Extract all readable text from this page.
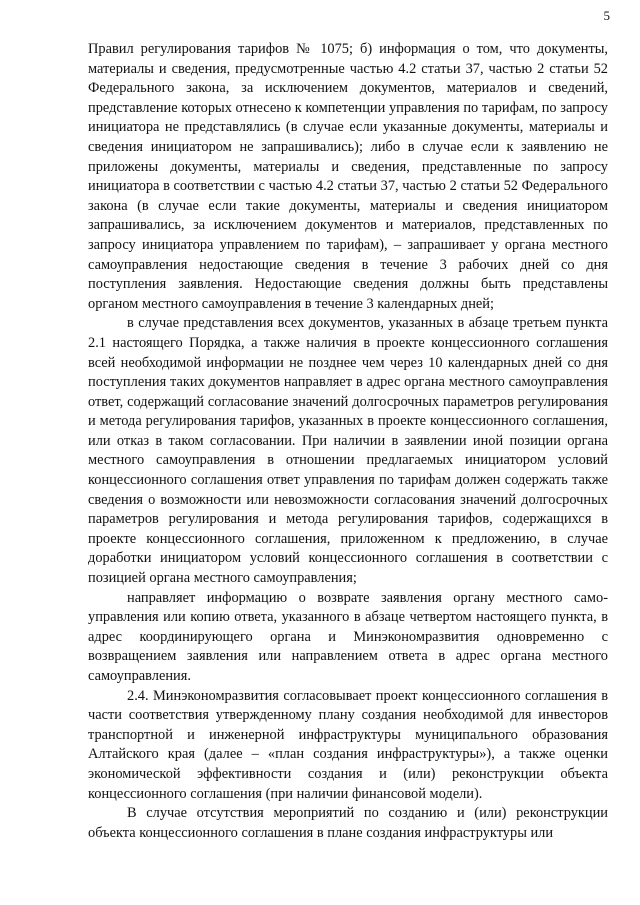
5

Правил регулирования тарифов № 1075; б) информация о том, что документы, материалы и сведения, предусмотренные частью 4.2 статьи 37, частью 2 статьи 52 Федерального закона, за исключением документов, материалов и сведений, представление которых отнесено к компетенции управления по тарифам, по запросу инициатора не представлялись (в случае если указанные документы, материалы и сведения инициатором не запрашивались); либо в случае если к заявлению не приложены документы, материалы и сведения, представленные по запросу инициатора в соответствии с частью 4.2 статьи 37, частью 2 статьи 52 Федерального закона (в случае если такие документы, материалы и сведения инициатором запрашивались, за исключением документов и материалов, представленных по запросу инициатора управлением по тарифам), – запрашивает у органа местного самоуправления недостающие сведения в течение 3 рабочих дней со дня поступления заявления. Недостающие сведения должны быть представлены органом местного самоуправления в течение 3 календарных дней;

в случае представления всех документов, указанных в абзаце третьем пункта 2.1 настоящего Порядка, а также наличия в проекте концессионного соглашения всей необходимой информации не позднее чем через 10 календарных дней со дня поступления таких документов направляет в адрес органа местного самоуправления ответ, содержащий согласование значений долгосрочных параметров регулирования и метода регулирования тарифов, указанных в проекте концессионного соглашения, или отказ в таком согласовании. При наличии в заявлении иной позиции органа местного самоуправления в отношении предлагаемых инициатором условий концессионного соглашения ответ управления по тарифам должен содержать также сведения о возможности или невозможности согласования значений долгосрочных параметров регулирования и метода регулирования тарифов, содержащихся в проекте концессионного соглашения, приложенном к предложению, в случае доработки инициатором условий концессионного соглашения в соответствии с позицией органа местного самоуправления;

направляет информацию о возврате заявления органу местного самоуправления или копию ответа, указанного в абзаце четвертом настоящего пункта, в адрес координирующего органа и Минэкономразвития одновременно с возвращением заявления или направлением ответа в адрес органа местного самоуправления.

2.4. Минэкономразвития согласовывает проект концессионного соглашения в части соответствия утвержденному плану создания необходимой для инвесторов транспортной и инженерной инфраструктуры муниципального образования Алтайского края (далее – «план создания инфраструктуры»), а также оценки экономической эффективности создания и (или) реконструкции объекта концессионного соглашения (при наличии финансовой модели).

В случае отсутствия мероприятий по созданию и (или) реконструкции объекта концессионного соглашения в плане создания инфраструктуры или
